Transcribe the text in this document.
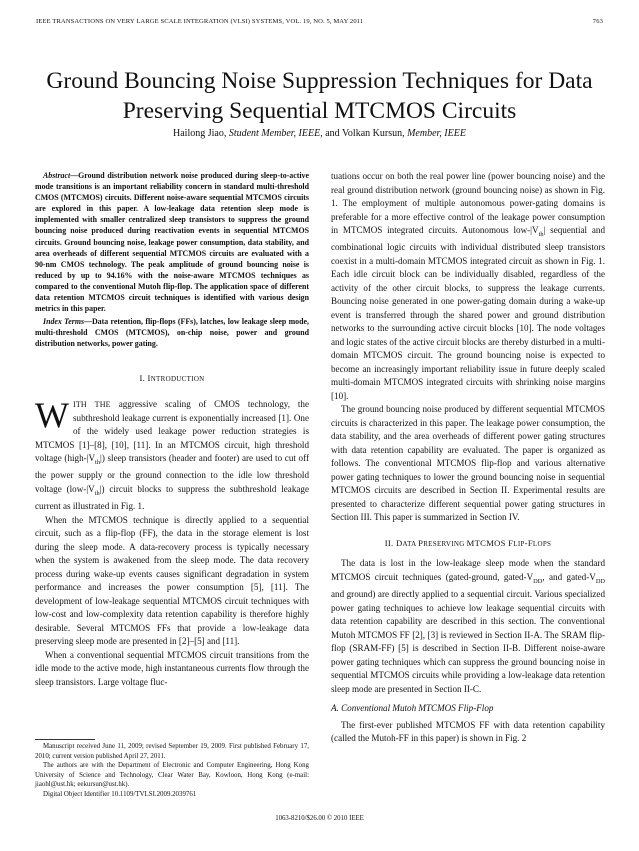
IEEE TRANSACTIONS ON VERY LARGE SCALE INTEGRATION (VLSI) SYSTEMS, VOL. 19, NO. 5, MAY 2011	763
Ground Bouncing Noise Suppression Techniques for Data Preserving Sequential MTCMOS Circuits
Hailong Jiao, Student Member, IEEE, and Volkan Kursun, Member, IEEE

Abstract—Ground distribution network noise produced during sleep-to-active mode transitions is an important reliability concern in standard multi-threshold CMOS (MTCMOS) circuits. Different noise-aware sequential MTCMOS circuits are explored in this paper. A low-leakage data retention sleep mode is implemented with smaller centralized sleep transistors to suppress the ground bouncing noise produced during reactivation events in sequential MTCMOS circuits. Ground bouncing noise, leakage power consumption, data stability, and area overheads of different sequential MTCMOS circuits are evaluated with a 90-nm CMOS technology. The peak amplitude of ground bouncing noise is reduced by up to 94.16% with the noise-aware MTCMOS techniques as compared to the conventional Mutoh flip-flop. The application space of different data retention MTCMOS circuit techniques is identified with various design metrics in this paper.

Index Terms—Data retention, flip-flops (FFs), latches, low leakage sleep mode, multi-threshold CMOS (MTCMOS), on-chip noise, power and ground distribution networks, power gating.

I. INTRODUCTION

WITH THE aggressive scaling of CMOS technology, the subthreshold leakage current is exponentially increased [1]. One of the widely used leakage power reduction strategies is MTCMOS [1]–[8], [10], [11]. In an MTCMOS circuit, high threshold voltage $(high-|V_{th}|)$ sleep transistors (header and footer) are used to cut off the power supply or the ground connection to the idle low threshold voltage $(low-|V_{th}|)$ circuit blocks to suppress the subthreshold leakage current as illustrated in Fig. 1.

When the MTCMOS technique is directly applied to a sequential circuit, such as a flip-flop (FF), the data in the storage element is lost during the sleep mode. A data-recovery process is typically necessary when the system is awakened from the sleep mode. The data recovery process during wake-up events causes significant degradation in system performance and increases the power consumption [5], [11]. The development of low-leakage sequential MTCMOS circuit techniques with low-cost and low-complexity data retention capability is therefore highly desirable. Several MTCMOS FFs that provide a low-leakage data preserving sleep mode are presented in [2]–[5] and [11].

When a conventional sequential MTCMOS circuit transitions from the idle mode to the active mode, high instantaneous currents flow through the sleep transistors. Large voltage fluc-

Manuscript received June 11, 2009; revised September 19, 2009. First published February 17, 2010; current version published April 27, 2011.

The authors are with the Department of Electronic and Computer Engineering, Hong Kong University of Science and Technology, Clear Water Bay, Kowloon, Hong Kong (e-mail: jiaohl@ust.hk; eekursun@ust.hk).

Digital Object Identifier 10.1109/TVLSI.2009.2039761

tuations occur on both the real power line (power bouncing noise) and the real ground distribution network (ground bouncing noise) as shown in Fig. 1. The employment of multiple autonomous power-gating domains is preferable for a more effective control of the leakage power consumption in MTCMOS integrated circuits. Autonomous low-$|V_{th}|$ sequential and combinational logic circuits with individual distributed sleep transistors coexist in a multi-domain MTCMOS integrated circuit as shown in Fig. 1. Each idle circuit block can be individually disabled, regardless of the activity of the other circuit blocks, to suppress the leakage currents. Bouncing noise generated in one power-gating domain during a wake-up event is transferred through the shared power and ground distribution networks to the surrounding active circuit blocks [10]. The node voltages and logic states of the active circuit blocks are thereby disturbed in a multi-domain MTCMOS circuit. The ground bouncing noise is expected to become an increasingly important reliability issue in future deeply scaled multi-domain MTCMOS integrated circuits with shrinking noise margins [10].

The ground bouncing noise produced by different sequential MTCMOS circuits is characterized in this paper. The leakage power consumption, the data stability, and the area overheads of different power gating structures with data retention capability are evaluated. The paper is organized as follows. The conventional MTCMOS flip-flop and various alternative power gating techniques to lower the ground bouncing noise in sequential MTCMOS circuits are described in Section II. Experimental results are presented to characterize different sequential power gating structures in Section III. This paper is summarized in Section IV.

II. DATA PRESERVING MTCMOS FLIP-FLOPS

The data is lost in the low-leakage sleep mode when the standard MTCMOS circuit techniques (gated-ground, gated-$V_{DD}$, and gated-$V_{DD}$ and ground) are directly applied to a sequential circuit. Various specialized power gating techniques to achieve low leakage sequential circuits with data retention capability are described in this section. The conventional Mutoh MTCMOS FF [2], [3] is reviewed in Section II-A. The SRAM flip-flop (SRAM-FF) [5] is described in Section II-B. Different noise-aware power gating techniques which can suppress the ground bouncing noise in sequential MTCMOS circuits while providing a low-leakage data retention sleep mode are presented in Section II-C.

A. Conventional Mutoh MTCMOS Flip-Flop

The first-ever published MTCMOS FF with data retention capability (called the Mutoh-FF in this paper) is shown in Fig. 2

1063-8210/$26.00 © 2010 IEEE
